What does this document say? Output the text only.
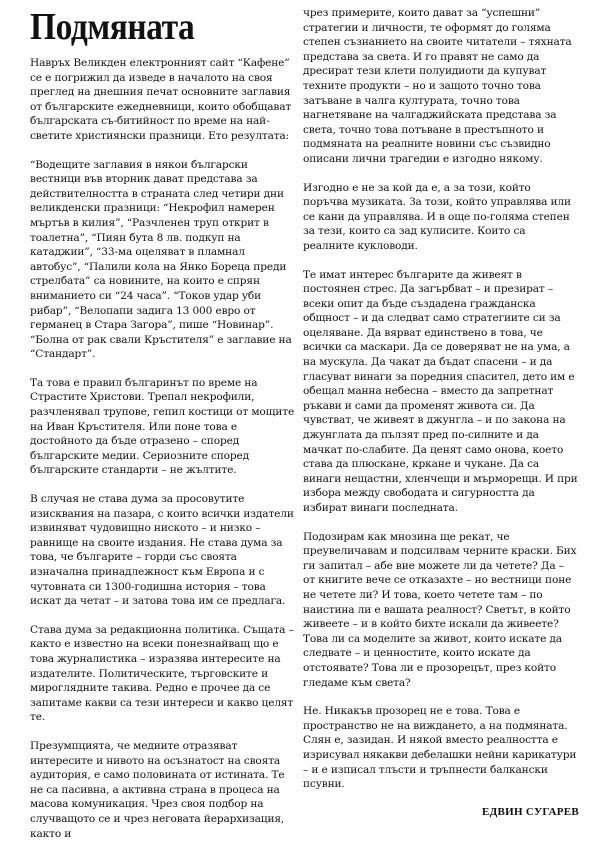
Подмяната

Навръх Великден електронният сайт “Кафене” се е погрижил да изведе в началото на своя преглед на днешния печат основните заглавия от българските ежедневници, които обобщават българската съ-битийност по време на най-светите християнски празници. Ето резултата:

“Водещите заглавия в някои български вестници във вторник дават представа за действителността в страната след четири дни великденски празници: “Некрофил намерен мъртъв в килия”, “Разчленен труп открит в тоалетна”, “Пиян бута 8 лв. подкуп на катаджии”, “33-ма оцеляват в пламнал автобус”, “Палили кола на Янко Бореца преди стрелбата” са новините, на които е спрян вниманието си “24 часа”. “Токов удар уби рибар”, “Велопапи задига 13 000 евро от германец в Стара Загора”, пише “Новинар”. “Болна от рак свали Кръстителя” е заглавие на “Стандарт”.

Та това е правил българинът по време на Страстите Христови. Трепал некрофили, разчленявал трупове, гепил костици от мощите на Иван Кръстителя. Или поне това е достойното да бъде отразено – според българските медии. Сериозните според българските стандарти – не жълтите.

В случая не става дума за просовутите изисквания на пазара, с които всички издатели извиняват чудовищно ниското – и низко – равнище на своите издания. Не става дума за това, че българите – горди със своята изначална принадлежност към Европа и с чутовната си 1300-годишна история – това искат да четат – и затова това им се предлага.

Става дума за редакционна политика. Същата – както е известно на всеки понезнайващ що е това журналистика – изразява интересите на издателите. Политическите, търговските и мироглядните такива. Редно е прочее да се запитаме какви са тези интереси и какво целят те.

Презумпцията, че медиите отразяват интересите и нивото на осъзнатост на своята аудитория, е само половината от истината. Те не са пасивна, а активна страна в процеса на масова комуникация. Чрез своя подбор на случващото се и чрез неговата йерархизация, както и

чрез примерите, които дават за “успешни” стратегии и личности, те оформят до голяма степен съзнанието на своите читатели – тяхната представа за света. И го правят не само да дресират тези клети полуидиоти да купуват техните продукти – но и защото точно това затъване в чалга културата, точно това нагнетяване на чалгаджийската представа за света, точно това потъване в престъпното и подмяната на реалните новини със съзвидно описани лични трагедии е изгодно някому.

Изгодно е не за кой да е, а за този, който поръчва музиката. За този, който управлява или се кани да управлява. И в още по-голяма степен за тези, които са зад кулисите. Които са реалните кукловоди.

Те имат интерес българите да живеят в постоянен стрес. Да загърбват – и презират – всеки опит да бъде създадена гражданска общност – и да следват само стратегиите си за оцеляване. Да вярват единствено в това, че всички са маскари. Да се доверяват не на ума, а на мускула. Да чакат да бъдат спасени – и да гласуват винаги за поредния спасител, дето им е обещал манна небесна – вместо да запретнат ръкави и сами да променят живота си. Да чувстват, че живеят в джунгла – и по закона на джунглата да пълзят пред по-силните и да мачкат по-слабите. Да ценят само онова, което става да плюскане, кркане и чукане. Да са винаги нещастни, хленчещи и мърморещи. И при избора между свободата и сигурността да избират винаги последната.

Подозирам как мнозина ще рекат, че преувеличавам и подсилвам черните краски. Бих ги запитал – абе вие можете ли да четете? Да – от книгите вече се отказахте – но вестници поне не четете ли? И това, което четете там – по наистина ли е вашата реалност? Светът, в който живеете – и в който бихте искали да живеете? Това ли са моделите за живот, които искате да следвате – и ценностите, които искате да отстоявате? Това ли е прозорецът, през който гледаме към света?

Не. Никакъв прозорец не е това. Това е пространство не на виждането, а на подмяната. Слян е, зазидан. И някой вместо реалността е изрисувал някакви дебелашки нейни карикатури – и е изписал тлъсти и тръпнести балкански псувни.

ЕДВИН СУГАРЕВ
